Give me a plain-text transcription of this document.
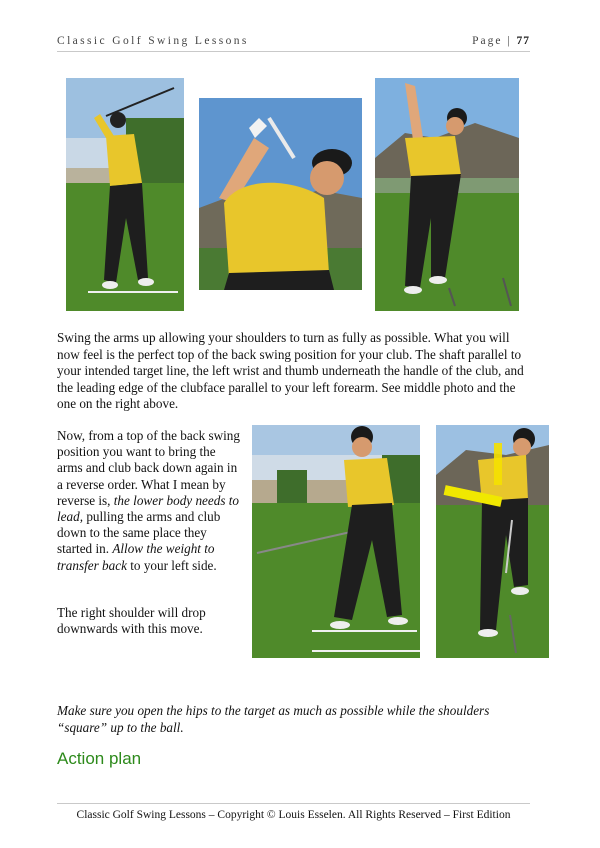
Classic Golf Swing Lessons	Page | 77
Swing the arms up allowing your shoulders to turn as fully as possible. What you will now feel is the perfect top of the back swing position for your club. The shaft parallel to your intended target line, the left wrist and thumb underneath the handle of the club, and the leading edge of the clubface parallel to your left forearm. See middle photo and the one on the right above.
Now, from a top of the back swing position you want to bring the arms and club back down again in a reverse order. What I mean by reverse is, the lower body needs to lead, pulling the arms and club down to the same place they started in. Allow the weight to transfer back to your left side.
The right shoulder will drop downwards with this move.
Make sure you open the hips to the target as much as possible while the shoulders “square” up to the ball.
Action plan
Classic Golf Swing Lessons – Copyright © Louis Esselen. All Rights Reserved – First Edition
